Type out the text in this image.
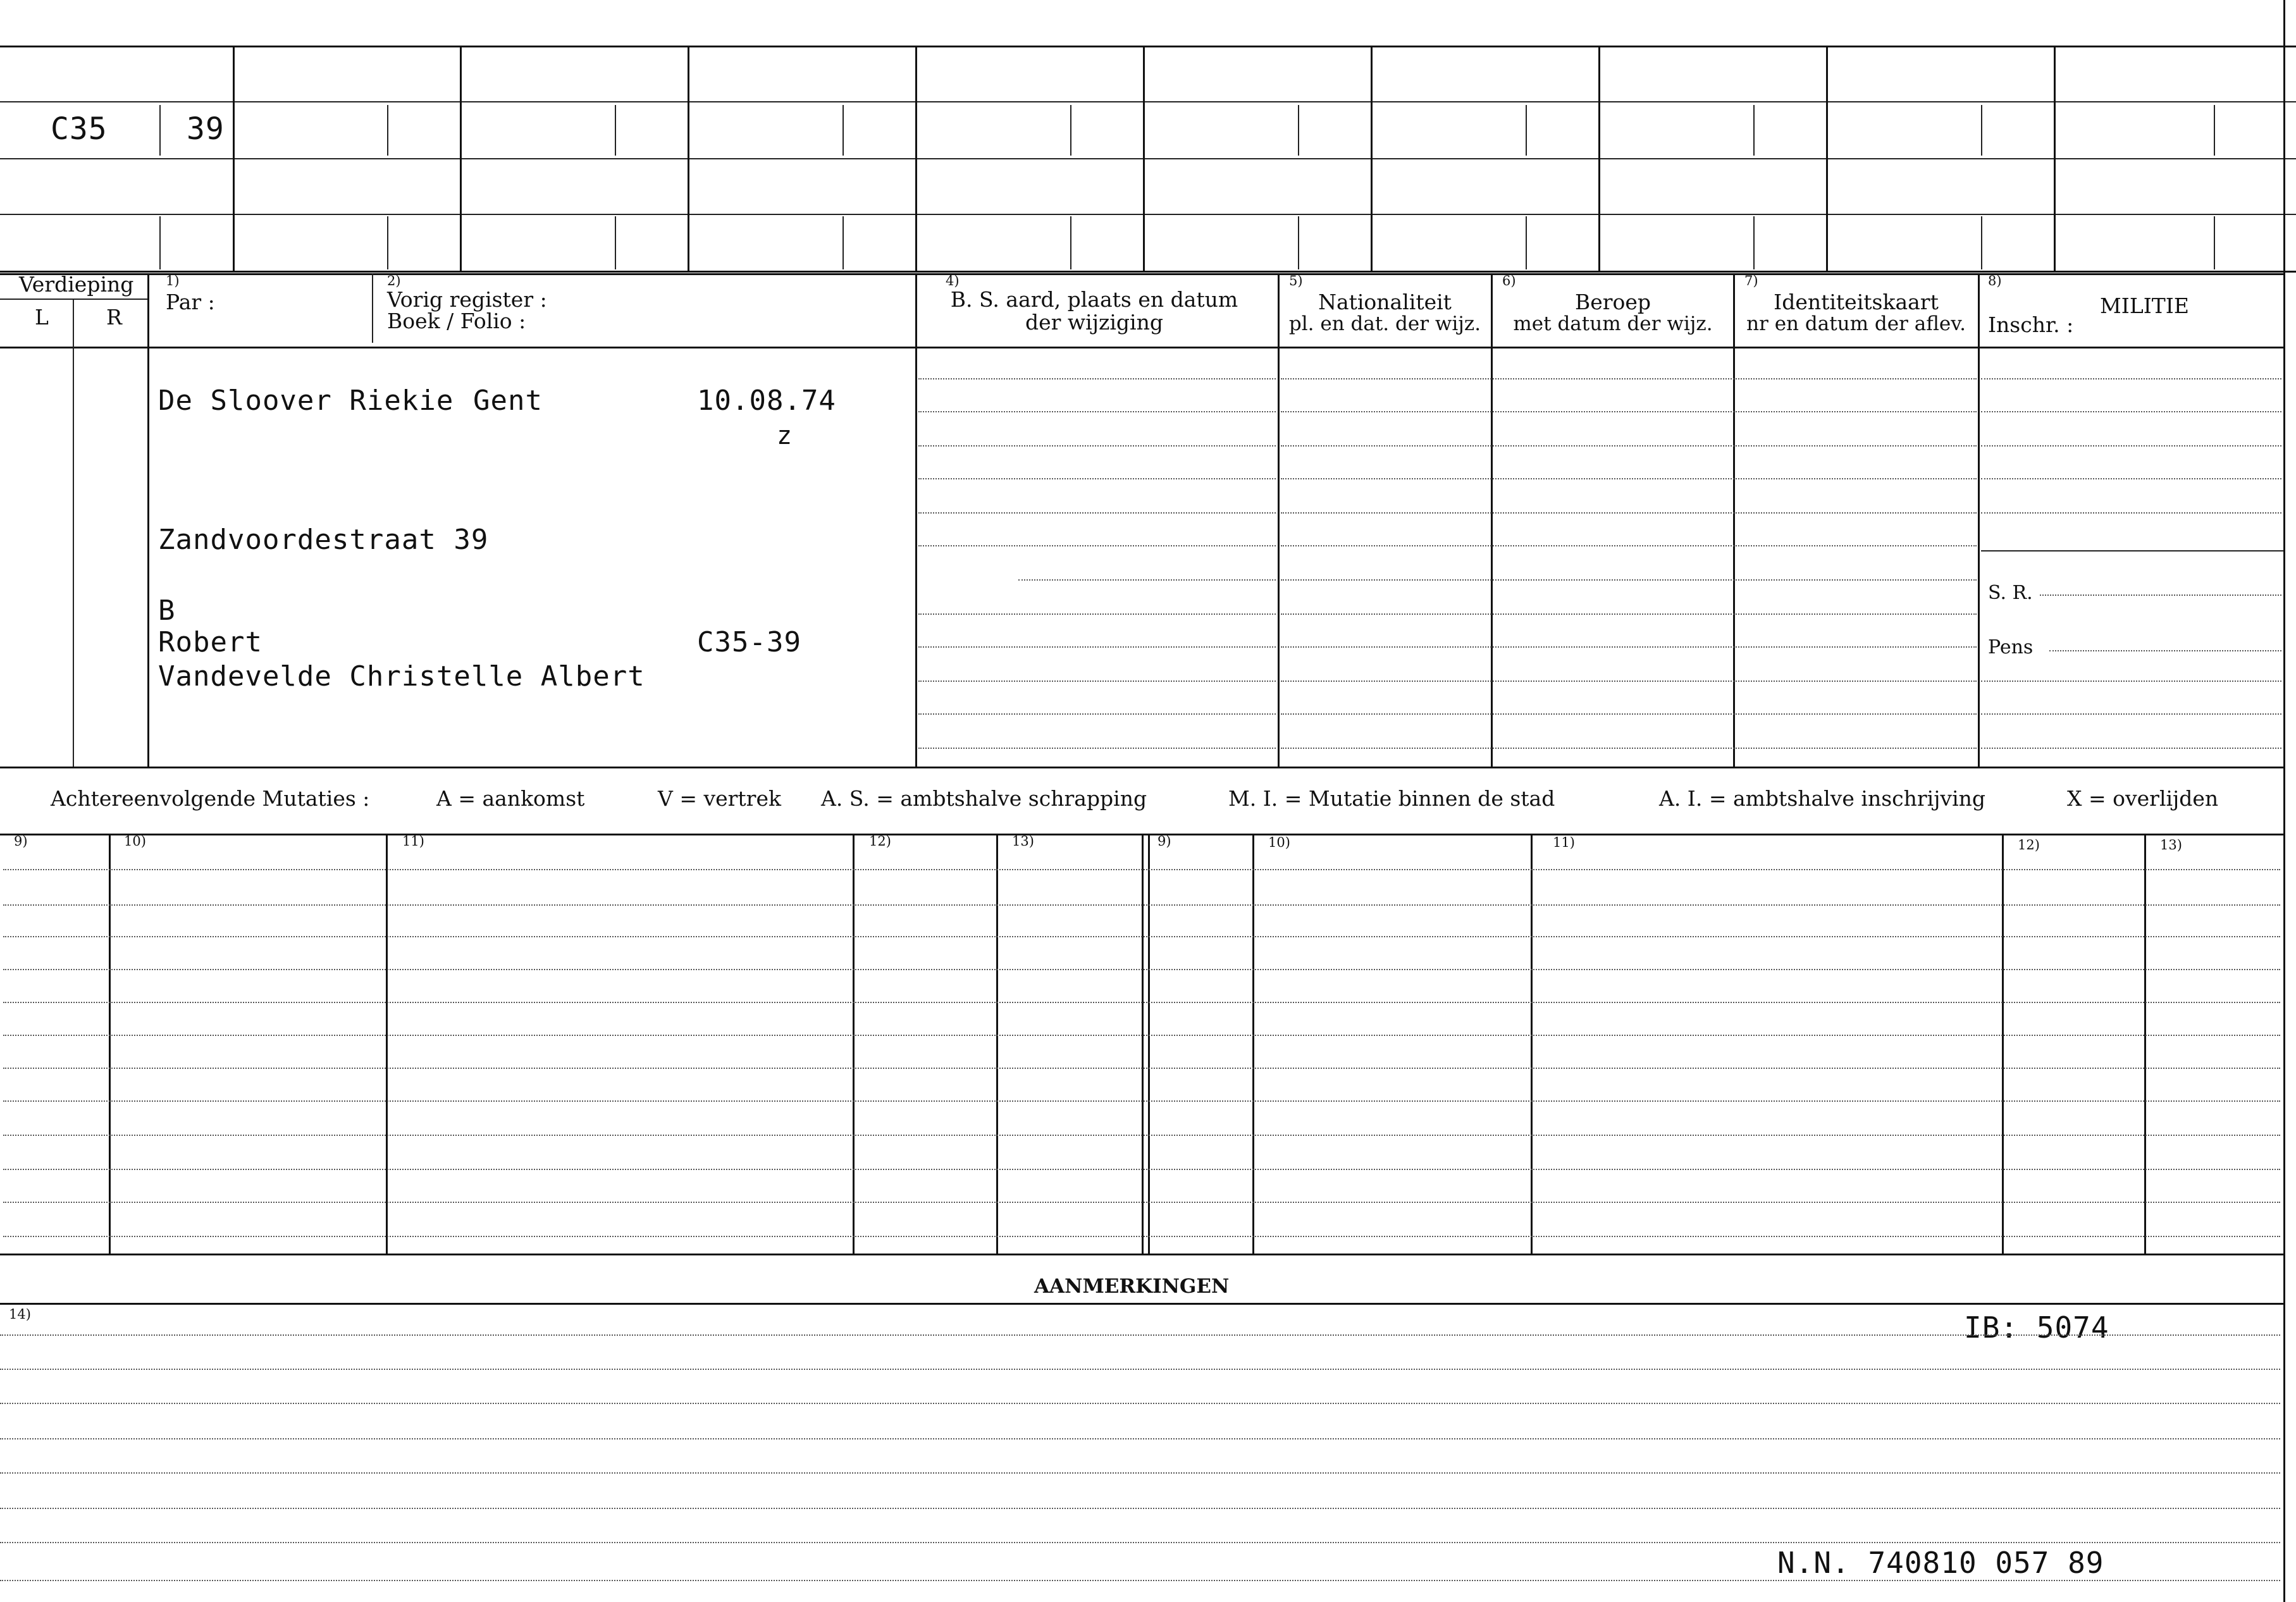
C35	39
Verdieping
L	R
1)
Par :
2)
Vorig register :
Boek / Folio :
4)
B. S. aard, plaats en datum
der wijziging
5)
Nationaliteit
pl. en dat. der wijz.
6)
Beroep
met datum der wijz.
7)
Identiteitskaart
nr en datum der aflev.
8)
MILITIE
Inschr. :
De Sloover Riekie Gent	10.08.74
z
Zandvoordestraat 39
B
Robert	C35-39
Vandevelde Christelle Albert
S. R.
Pens
Achtereenvolgende Mutaties :	A = aankomst	V = vertrek A. S. = ambtshalve schrapping	M. I. = Mutatie binnen de stad	A. I. = ambtshalve inschrijving	X = overlijden
9)	10)	11)	12)	13)	9)	10)	11)	12)	13)
AANMERKINGEN
14)	IB: 5074
N.N. 740810 057 89
